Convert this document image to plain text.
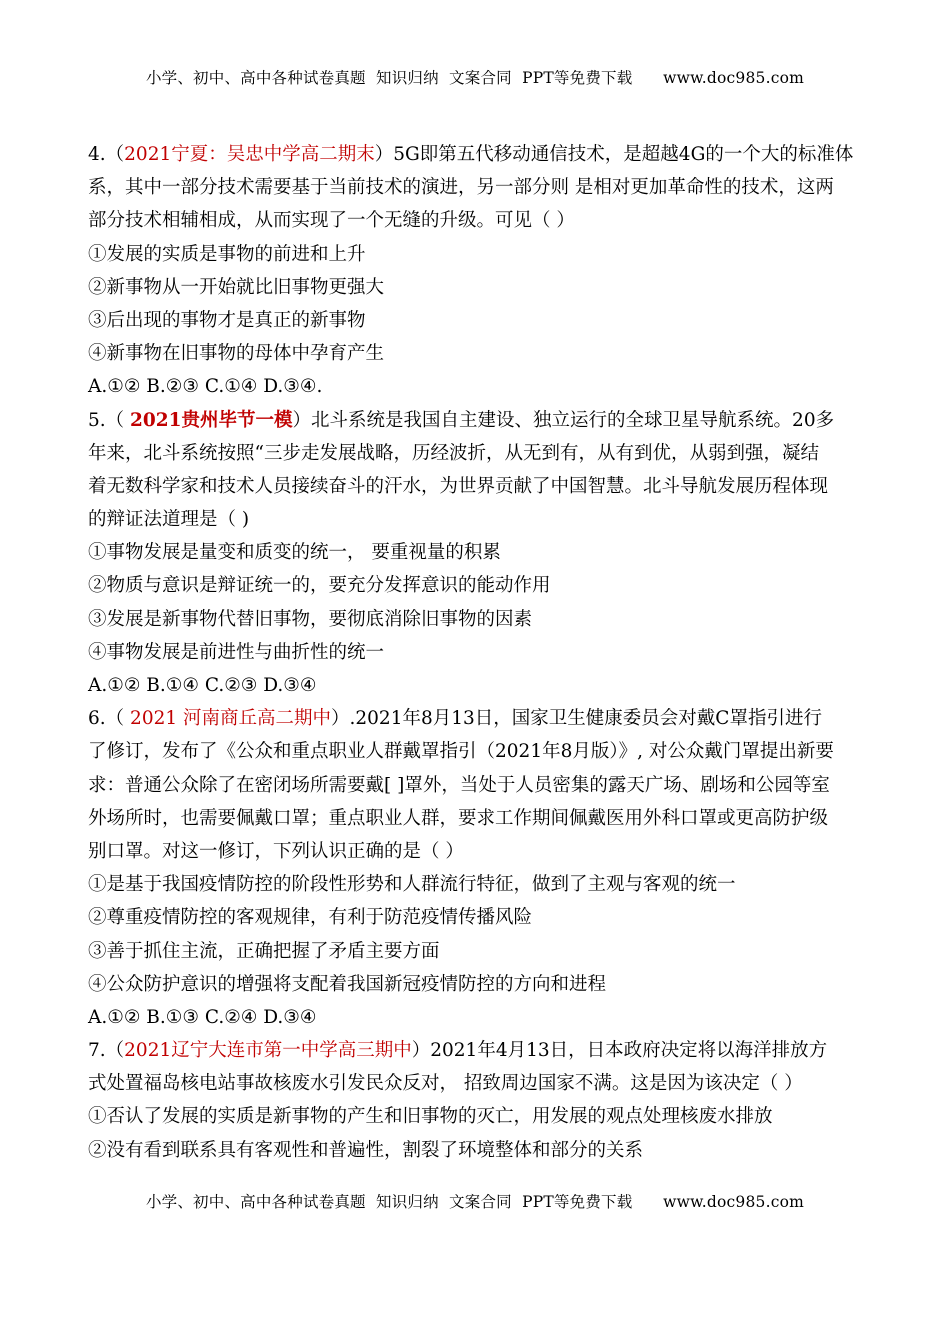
小学、初中、高中各种试卷真题  知识归纳  文案合同  PPT等免费下载      www.doc985.com
4.（2021宁夏：吴忠中学高二期末）5G即第五代移动通信技术，是超越4G的一个大的标准体
系，其中一部分技术需要基于当前技术的演进，另一部分则 是相对更加革命性的技术，这两
部分技术相辅相成，从而实现了一个无缝的升级。可见（ ）
①发展的实质是事物的前进和上升
②新事物从一开始就比旧事物更强大
③后出现的事物才是真正的新事物
④新事物在旧事物的母体中孕育产生
A.①② B.②③ C.①④ D.③④.
5.（ 2021贵州毕节一模）北斗系统是我国自主建设、独立运行的全球卫星导航系统。20多
年来，北斗系统按照“三步走发展战略，历经波折，从无到有，从有到优，从弱到强，凝结
着无数科学家和技术人员接续奋斗的汗水，为世界贡献了中国智慧。北斗导航发展历程体现
的辩证法道理是（ )
①事物发展是量变和质变的统一， 要重视量的积累
②物质与意识是辩证统一的，要充分发挥意识的能动作用
③发展是新事物代替旧事物，要彻底消除旧事物的因素
④事物发展是前进性与曲折性的统一
A.①② B.①④ C.②③ D.③④
6.（ 2021 河南商丘高二期中）.2021年8月13日，国家卫生健康委员会对戴C罩指引进行
了修订，发布了《公众和重点职业人群戴罩指引（2021年8月版）》, 对公众戴门罩提出新要
求：普通公众除了在密闭场所需要戴[ ]罩外，当处于人员密集的露天广场、剧场和公园等室
外场所时，也需要佩戴口罩；重点职业人群，要求工作期间佩戴医用外科口罩或更高防护级
别口罩。对这一修订，下列认识正确的是（ ）
①是基于我国疫情防控的阶段性形势和人群流行特征，做到了主观与客观的统一
②尊重疫情防控的客观规律，有利于防范疫情传播风险
③善于抓住主流，正确把握了矛盾主要方面
④公众防护意识的增强将支配着我国新冠疫情防控的方向和进程
A.①② B.①③ C.②④ D.③④
7.（2021辽宁大连市第一中学高三期中）2021年4月13日，日本政府决定将以海洋排放方
式处置福岛核电站事故核废水引发民众反对， 招致周边国家不满。这是因为该决定（ ）
①否认了发展的实质是新事物的产生和旧事物的灭亡，用发展的观点处理核废水排放
②没有看到联系具有客观性和普遍性，割裂了环境整体和部分的关系
小学、初中、高中各种试卷真题  知识归纳  文案合同  PPT等免费下载      www.doc985.com
